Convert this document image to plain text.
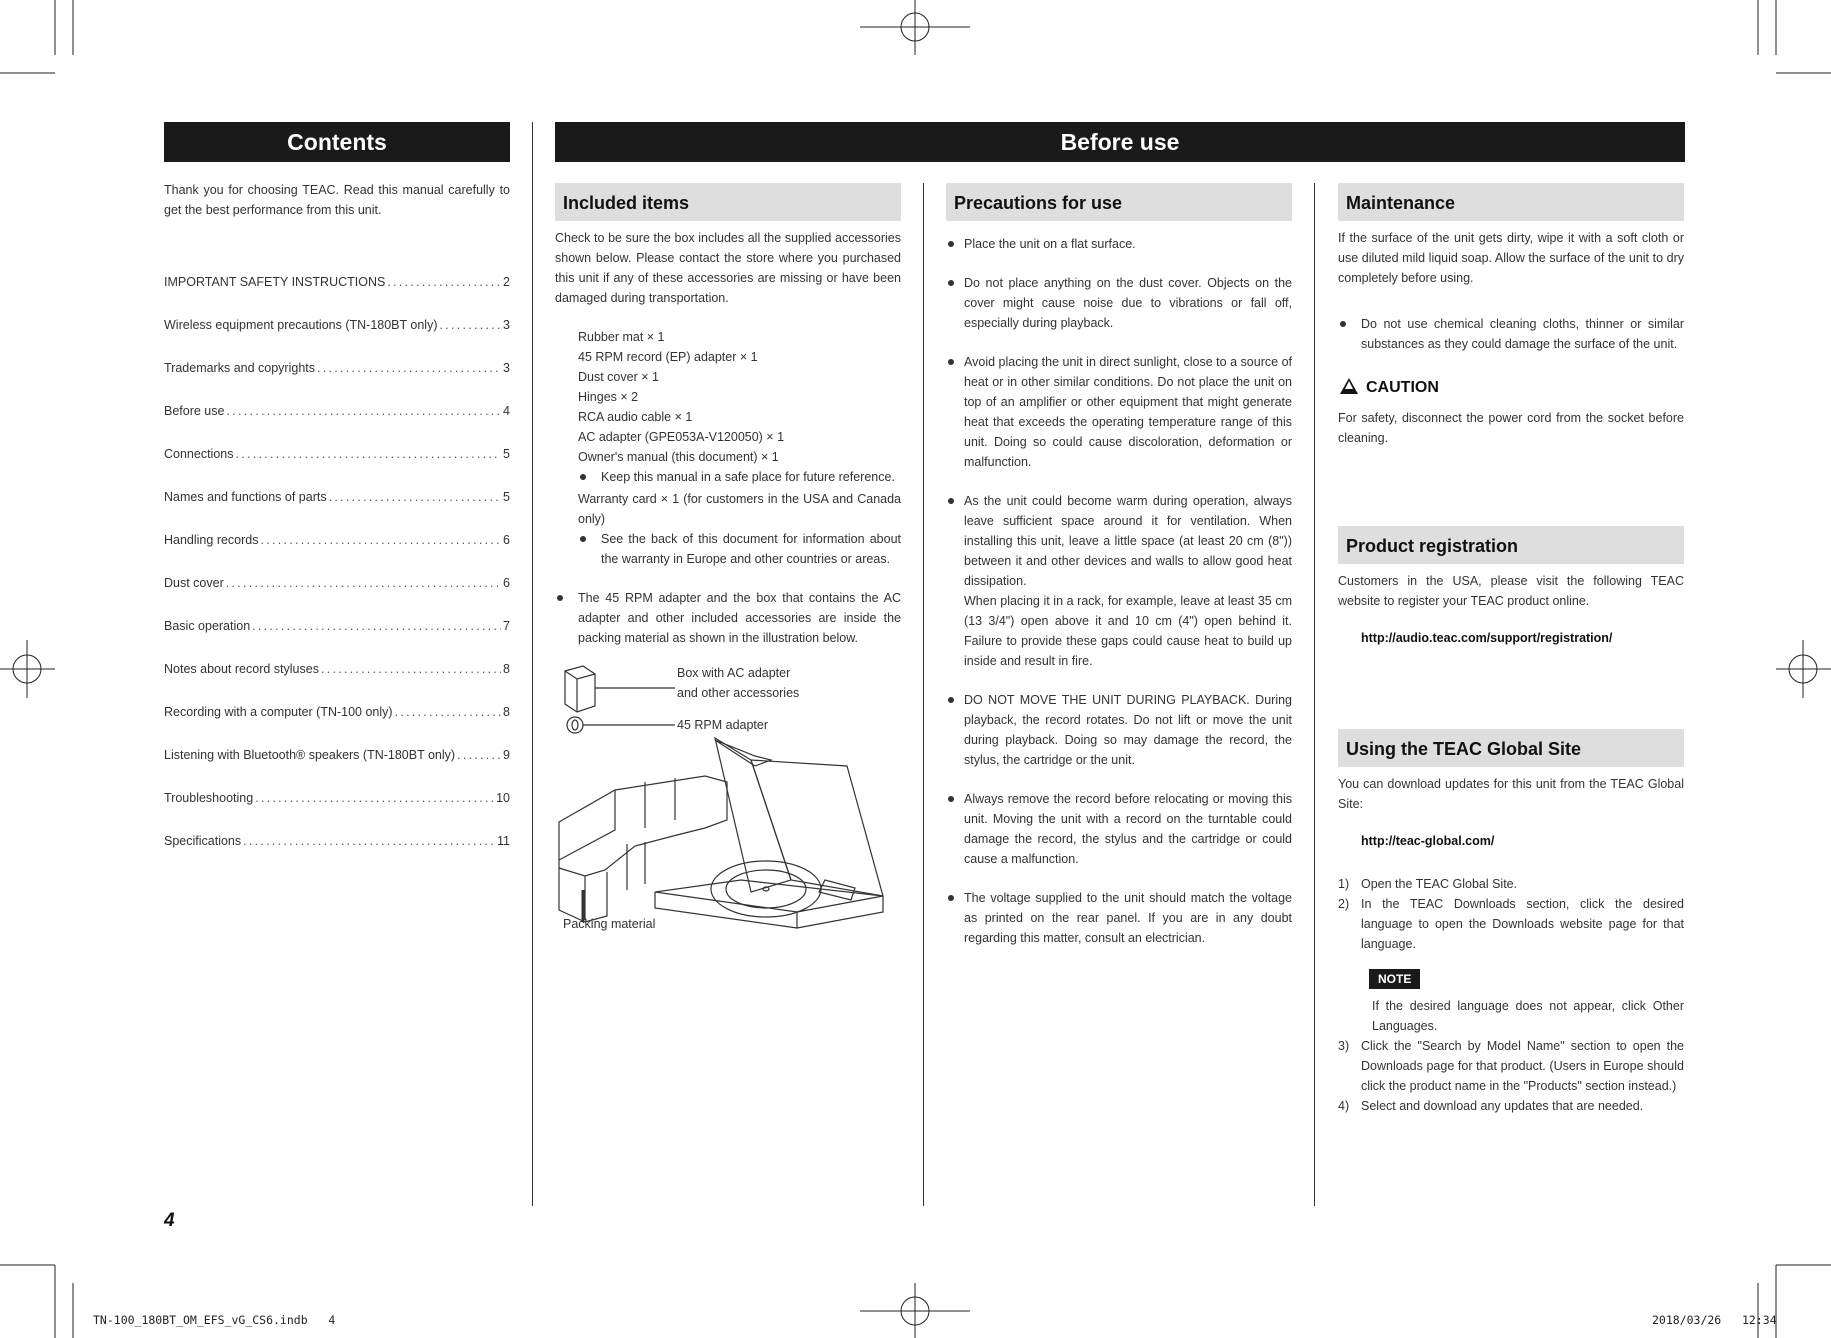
Contents
Thank you for choosing TEAC. Read this manual carefully to get the best performance from this unit.
IMPORTANT SAFETY INSTRUCTIONS . . .	2
Wireless equipment precautions (TN-180BT only) . . .	3
Trademarks and copyrights . . .	3
Before use . . .	4
Connections . . .	5
Names and functions of parts . . .	5
Handling records . . .	6
Dust cover . . .	6
Basic operation . . .	7
Notes about record styluses . . .	8
Recording with a computer (TN-100 only) . . .	8
Listening with Bluetooth® speakers (TN-180BT only) . . .	9
Troubleshooting . . .	10
Specifications . . .	11
Before use
Included items
Check to be sure the box includes all the supplied accessories shown below. Please contact the store where you purchased this unit if any of these accessories are missing or have been damaged during transportation.
Rubber mat × 1
45 RPM record (EP) adapter × 1
Dust cover × 1
Hinges × 2
RCA audio cable × 1
AC adapter (GPE053A-V120050) × 1
Owner's manual (this document) × 1
Keep this manual in a safe place for future reference.
Warranty card × 1 (for customers in the USA and Canada only)
See the back of this document for information about the warranty in Europe and other countries or areas.
The 45 RPM adapter and the box that contains the AC adapter and other included accessories are inside the packing material as shown in the illustration below.
Box with AC adapter
and other accessories
45 RPM adapter
Packing material
Precautions for use
Place the unit on a flat surface.
Do not place anything on the dust cover. Objects on the cover might cause noise due to vibrations or fall off, especially during playback.
Avoid placing the unit in direct sunlight, close to a source of heat or in other similar conditions. Do not place the unit on top of an amplifier or other equipment that might generate heat that exceeds the operating temperature range of this unit. Doing so could cause discoloration, deformation or malfunction.
As the unit could become warm during operation, always leave sufficient space around it for ventilation. When installing this unit, leave a little space (at least 20 cm (8")) between it and other devices and walls to allow good heat dissipation.
When placing it in a rack, for example, leave at least 35 cm (13 3/4") open above it and 10 cm (4") open behind it. Failure to provide these gaps could cause heat to build up inside and result in fire.
DO NOT MOVE THE UNIT DURING PLAYBACK. During playback, the record rotates. Do not lift or move the unit during playback. Doing so may damage the record, the stylus, the cartridge or the unit.
Always remove the record before relocating or moving this unit. Moving the unit with a record on the turntable could damage the record, the stylus and the cartridge or could cause a malfunction.
The voltage supplied to the unit should match the voltage as printed on the rear panel. If you are in any doubt regarding this matter, consult an electrician.
Maintenance
If the surface of the unit gets dirty, wipe it with a soft cloth or use diluted mild liquid soap. Allow the surface of the unit to dry completely before using.
Do not use chemical cleaning cloths, thinner or similar substances as they could damage the surface of the unit.
CAUTION
For safety, disconnect the power cord from the socket before cleaning.
Product registration
Customers in the USA, please visit the following TEAC website to register your TEAC product online.
http://audio.teac.com/support/registration/
Using the TEAC Global Site
You can download updates for this unit from the TEAC Global Site:
http://teac-global.com/
1) Open the TEAC Global Site.
2) In the TEAC Downloads section, click the desired language to open the Downloads website page for that language.
NOTE
If the desired language does not appear, click Other Languages.
3) Click the "Search by Model Name" section to open the Downloads page for that product. (Users in Europe should click the product name in the "Products" section instead.)
4) Select and download any updates that are needed.
4
TN-100_180BT_OM_EFS_vG_CS6.indb   4	2018/03/26   12:34
